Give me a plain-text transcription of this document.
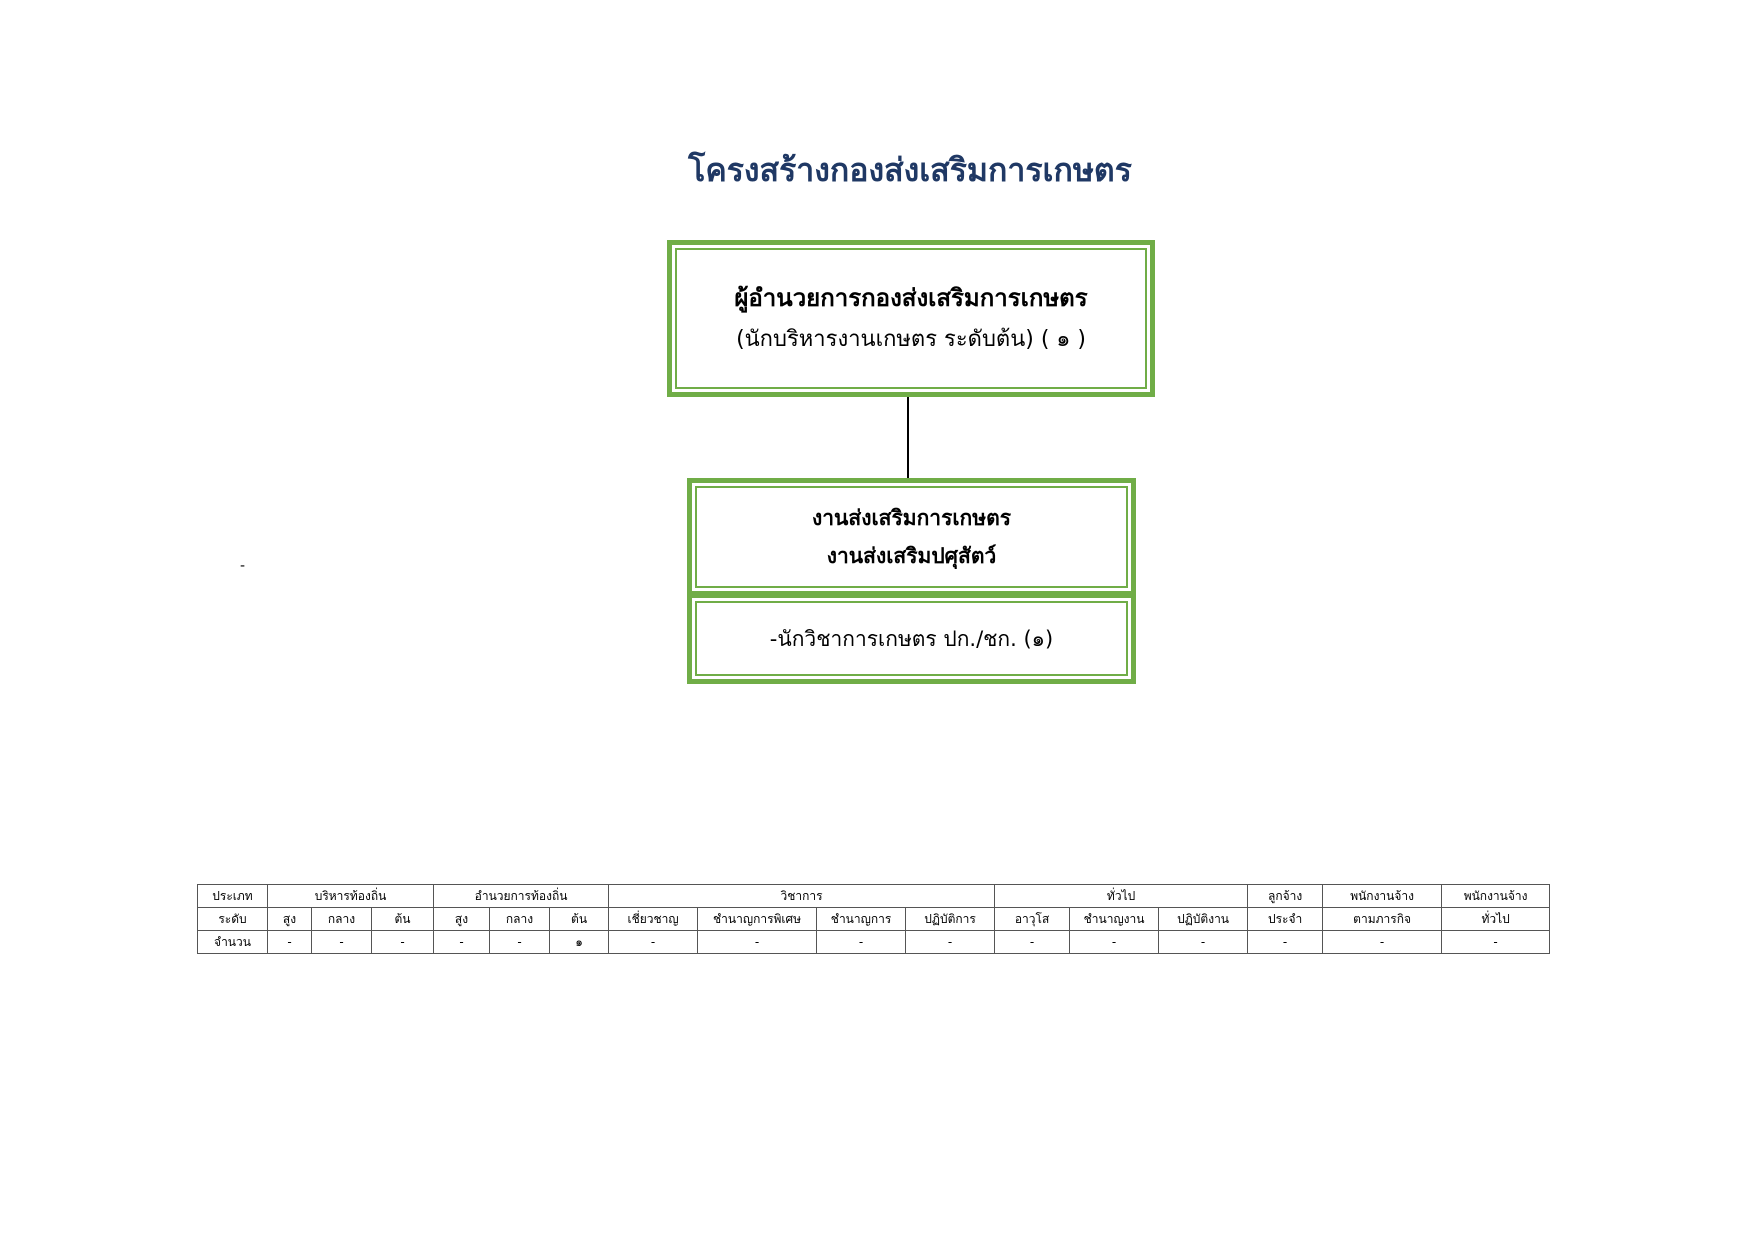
โครงสร้างกองส่งเสริมการเกษตร
ผู้อำนวยการกองส่งเสริมการเกษตร
(นักบริหารงานเกษตร ระดับต้น) ( ๑ )
งานส่งเสริมการเกษตร
งานส่งเสริมปศุสัตว์
-นักวิชาการเกษตร ปก./ชก. (๑)
-
ประเภท	บริหารท้องถิ่น			อำนวยการท้องถิ่น			วิชาการ				ทั่วไป			ลูกจ้าง	พนักงานจ้าง	พนักงานจ้าง
ระดับ	สูง	กลาง	ต้น	สูง	กลาง	ต้น	เชี่ยวชาญ	ชำนาญการพิเศษ	ชำนาญการ	ปฏิบัติการ	อาวุโส	ชำนาญงาน	ปฏิบัติงาน	ประจำ	ตามภารกิจ	ทั่วไป
จำนวน	-	-	-	-	-	๑	-	-	-	-	-	-	-	-	-	-
